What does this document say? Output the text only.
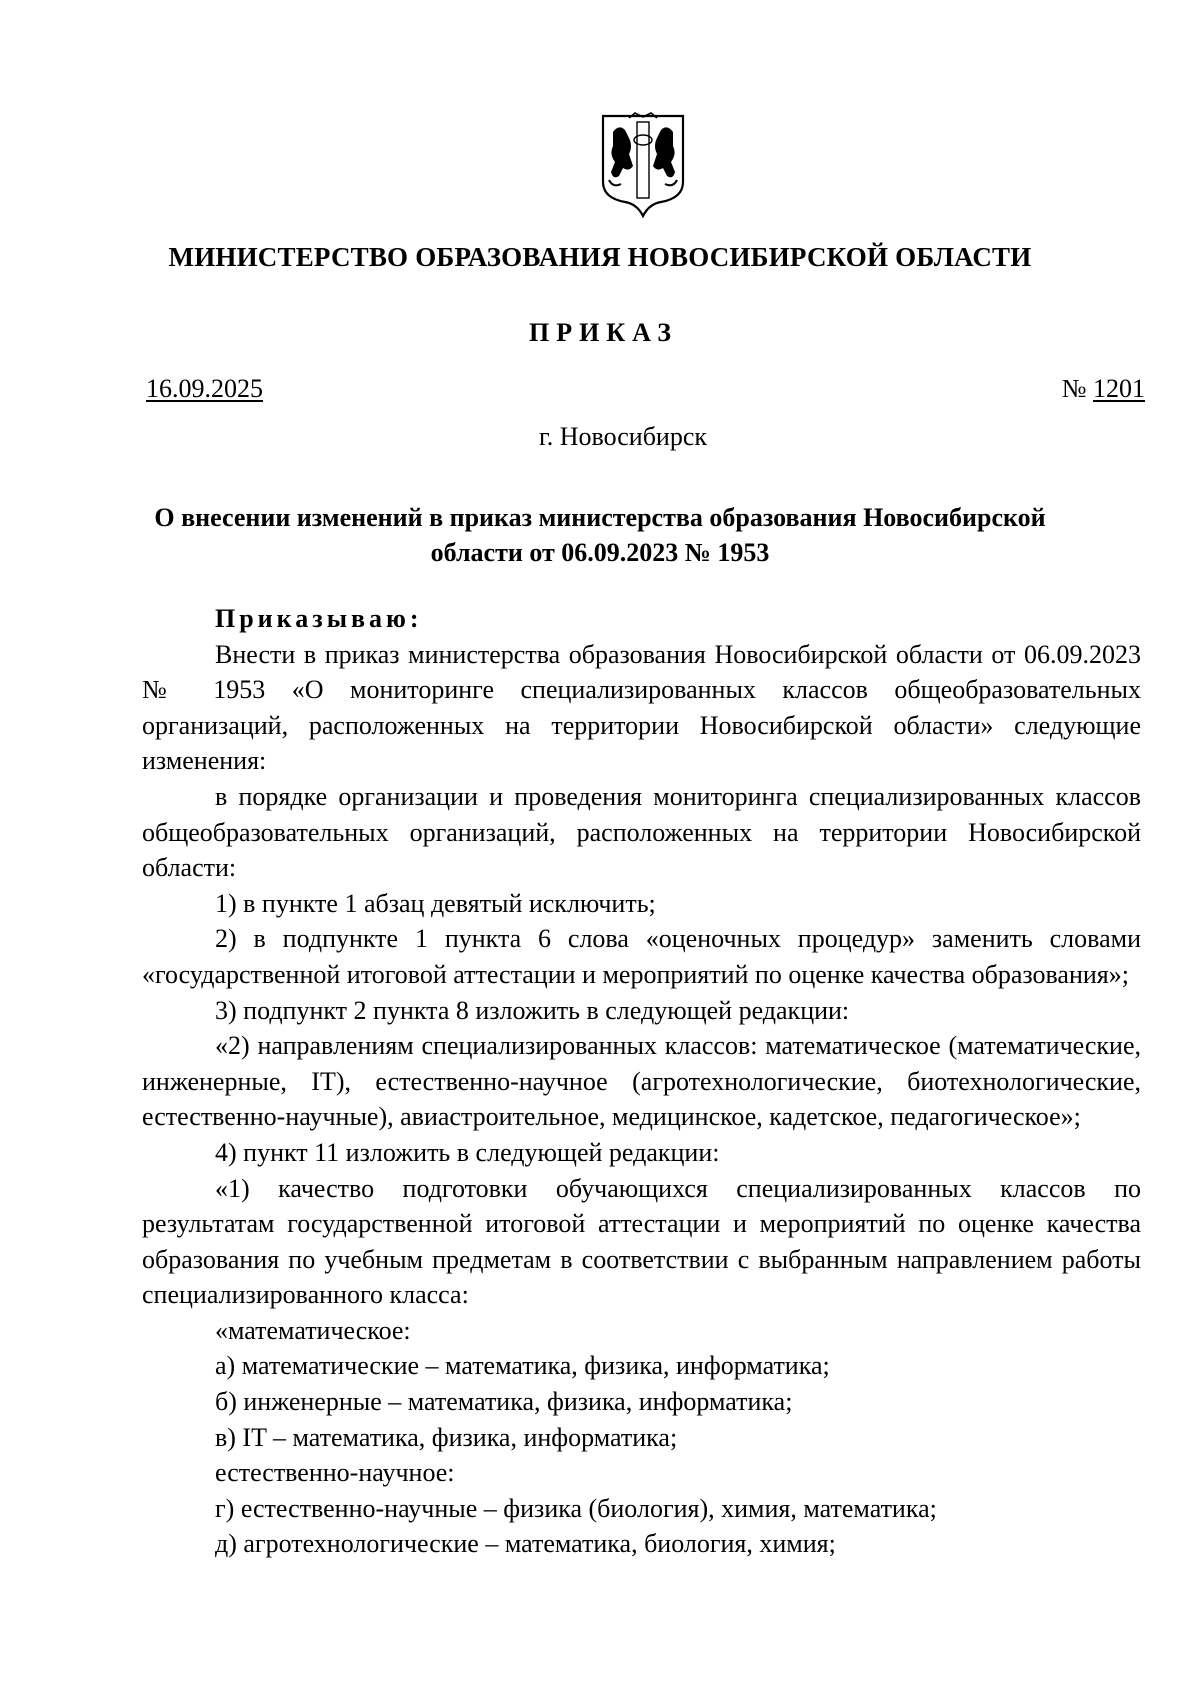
МИНИСТЕРСТВО ОБРАЗОВАНИЯ НОВОСИБИРСКОЙ ОБЛАСТИ
ПРИКАЗ
16.09.2025	№ 1201
г. Новосибирск
О внесении изменений в приказ министерства образования Новосибирской области от 06.09.2023 № 1953

Приказываю:

Внести в приказ министерства образования Новосибирской области от 06.09.2023 № 1953 «О мониторинге специализированных классов общеобразовательных организаций, расположенных на территории Новосибирской области» следующие изменения:

в порядке организации и проведения мониторинга специализированных классов общеобразовательных организаций, расположенных на территории Новосибирской области:

1) в пункте 1 абзац девятый исключить;

2) в подпункте 1 пункта 6 слова «оценочных процедур» заменить словами «государственной итоговой аттестации и мероприятий по оценке качества образования»;

3) подпункт 2 пункта 8 изложить в следующей редакции:

«2) направлениям специализированных классов: математическое (математические, инженерные, IT), естественно-научное (агротехнологические, биотехнологические, естественно-научные), авиастроительное, медицинское, кадетское, педагогическое»;

4) пункт 11 изложить в следующей редакции:

«1) качество подготовки обучающихся специализированных классов по результатам государственной итоговой аттестации и мероприятий по оценке качества образования по учебным предметам в соответствии с выбранным направлением работы специализированного класса:

«математическое:

а) математические – математика, физика, информатика;

б) инженерные – математика, физика, информатика;

в) IT – математика, физика, информатика;

естественно-научное:

г) естественно-научные – физика (биология), химия, математика;

д) агротехнологические – математика, биология, химия;
